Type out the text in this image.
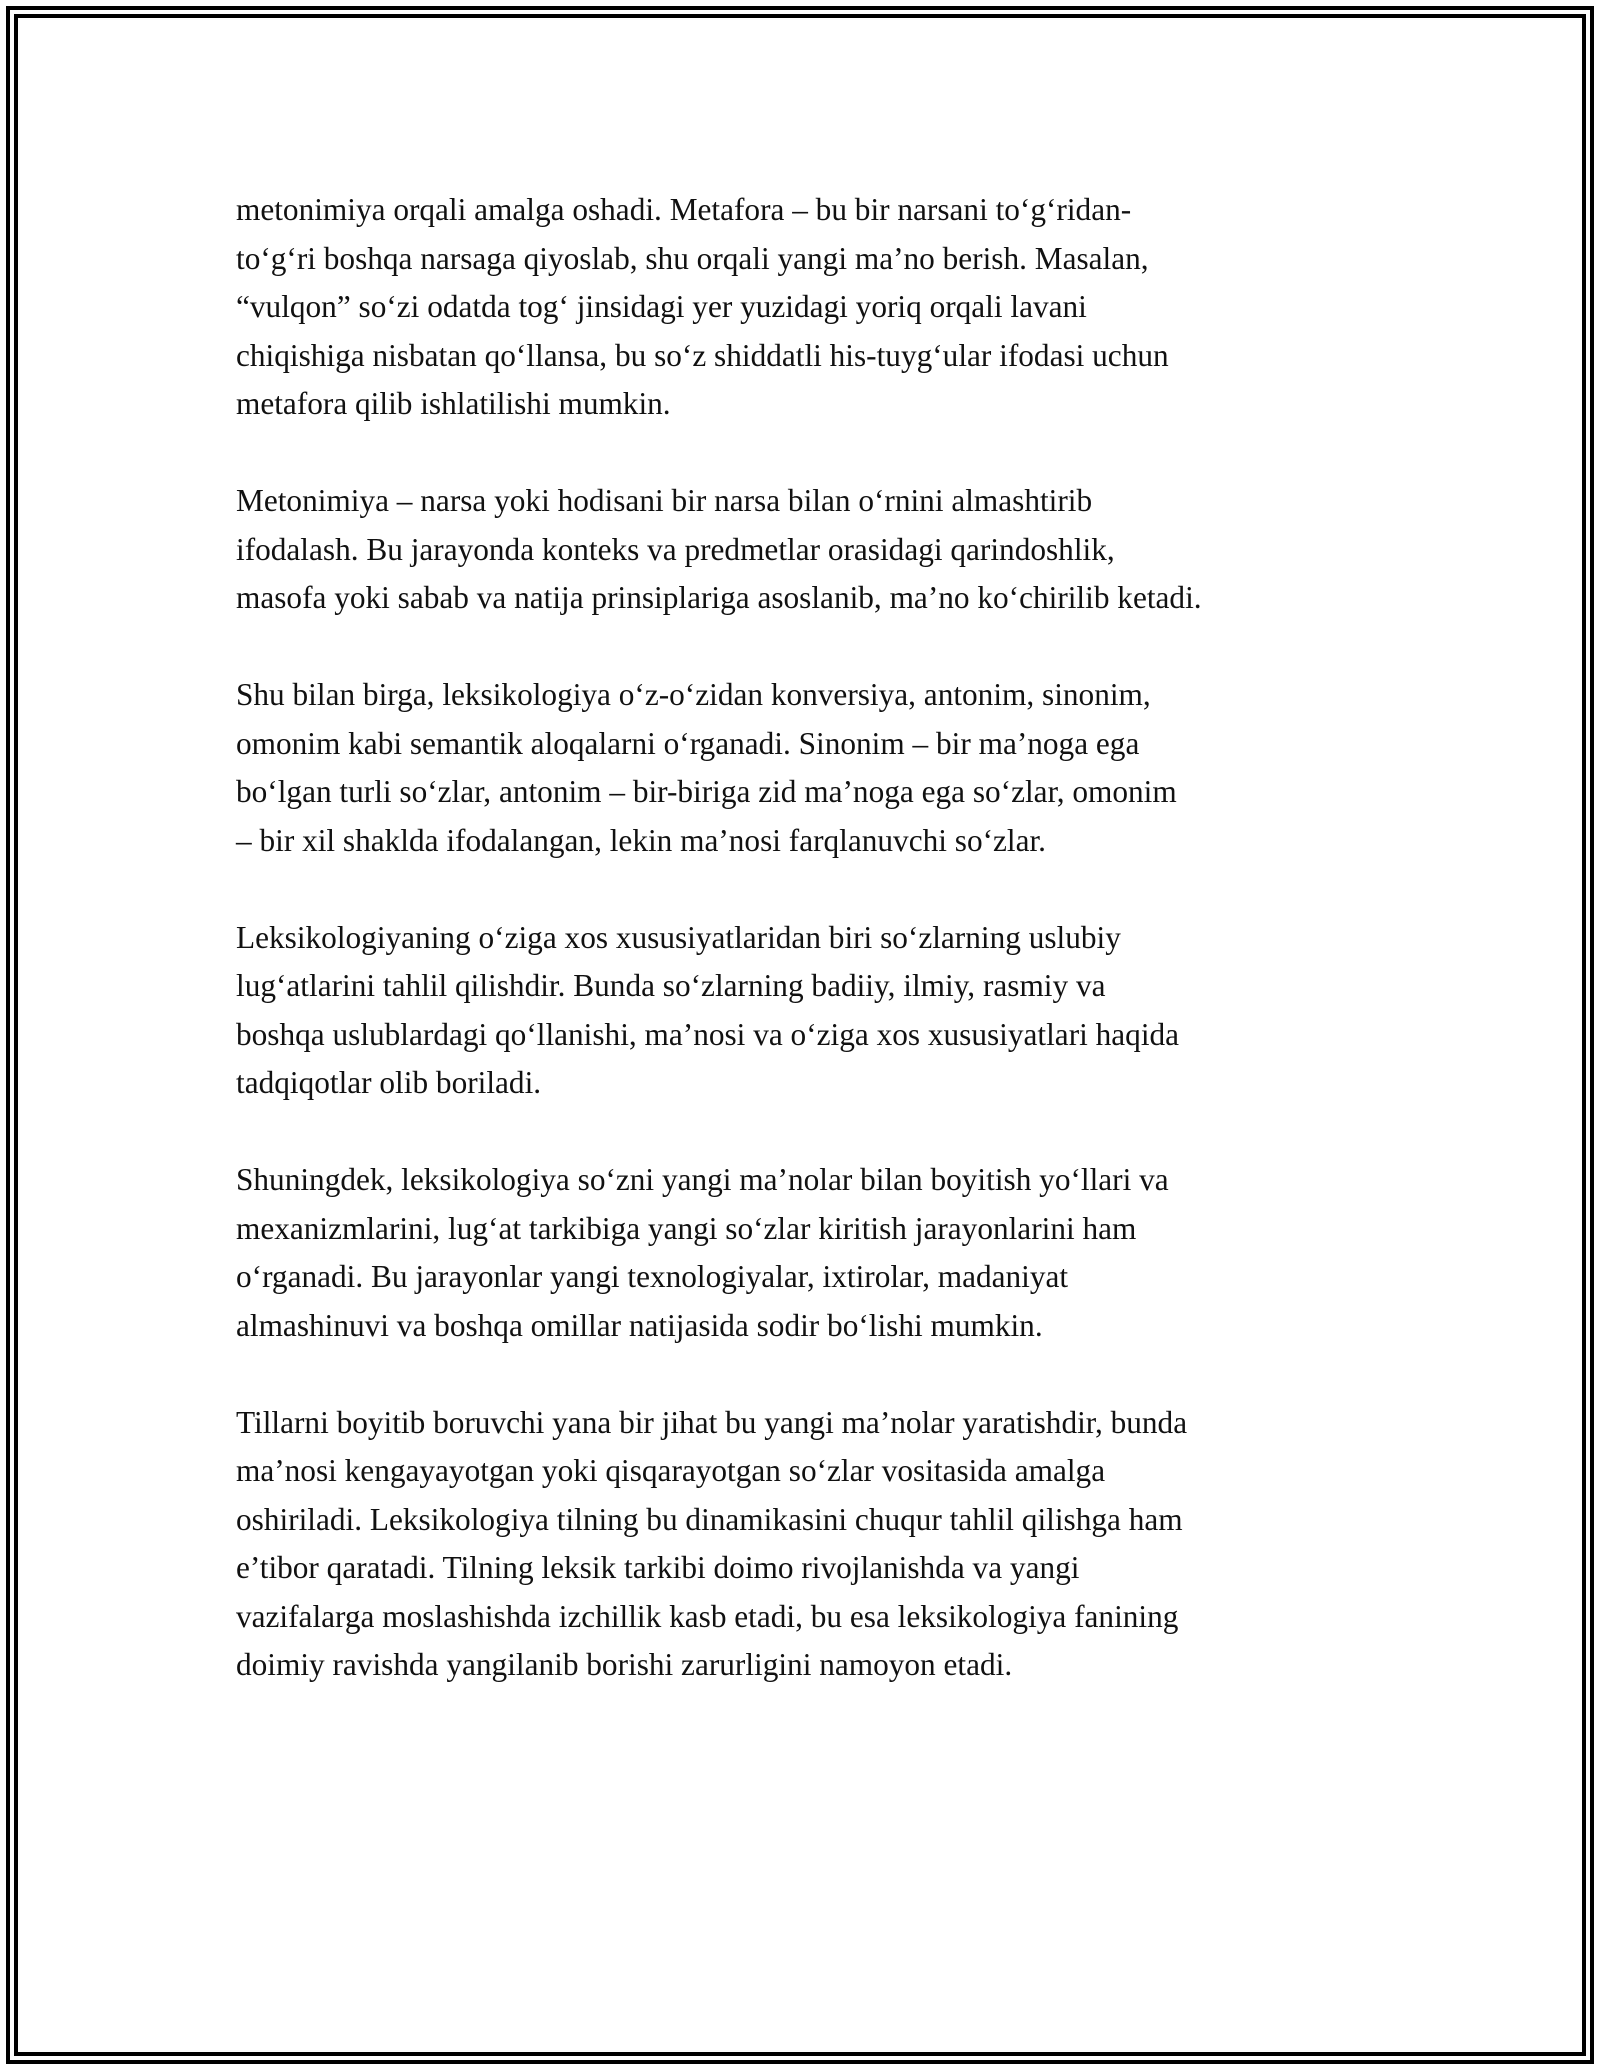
metonimiya orqali amalga oshadi. Metafora – bu bir narsani to‘g‘ridan-
to‘g‘ri boshqa narsaga qiyoslab, shu orqali yangi ma’no berish. Masalan,
“vulqon” so‘zi odatda tog‘ jinsidagi yer yuzidagi yoriq orqali lavani
chiqishiga nisbatan qo‘llansa, bu so‘z shiddatli his-tuyg‘ular ifodasi uchun
metafora qilib ishlatilishi mumkin.

Metonimiya – narsa yoki hodisani bir narsa bilan o‘rnini almashtirib
ifodalash. Bu jarayonda konteks va predmetlar orasidagi qarindoshlik,
masofa yoki sabab va natija prinsiplariga asoslanib, ma’no ko‘chirilib ketadi.

Shu bilan birga, leksikologiya o‘z-o‘zidan konversiya, antonim, sinonim,
omonim kabi semantik aloqalarni o‘rganadi. Sinonim – bir ma’noga ega
bo‘lgan turli so‘zlar, antonim – bir-biriga zid ma’noga ega so‘zlar, omonim
– bir xil shaklda ifodalangan, lekin ma’nosi farqlanuvchi so‘zlar.

Leksikologiyaning o‘ziga xos xususiyatlaridan biri so‘zlarning uslubiy
lug‘atlarini tahlil qilishdir. Bunda so‘zlarning badiiy, ilmiy, rasmiy va
boshqa uslublardagi qo‘llanishi, ma’nosi va o‘ziga xos xususiyatlari haqida
tadqiqotlar olib boriladi.

Shuningdek, leksikologiya so‘zni yangi ma’nolar bilan boyitish yo‘llari va
mexanizmlarini, lug‘at tarkibiga yangi so‘zlar kiritish jarayonlarini ham
o‘rganadi. Bu jarayonlar yangi texnologiyalar, ixtirolar, madaniyat
almashinuvi va boshqa omillar natijasida sodir bo‘lishi mumkin.

Tillarni boyitib boruvchi yana bir jihat bu yangi ma’nolar yaratishdir, bunda
ma’nosi kengayayotgan yoki qisqarayotgan so‘zlar vositasida amalga
oshiriladi. Leksikologiya tilning bu dinamikasini chuqur tahlil qilishga ham
e’tibor qaratadi. Tilning leksik tarkibi doimo rivojlanishda va yangi
vazifalarga moslashishda izchillik kasb etadi, bu esa leksikologiya fanining
doimiy ravishda yangilanib borishi zarurligini namoyon etadi.
